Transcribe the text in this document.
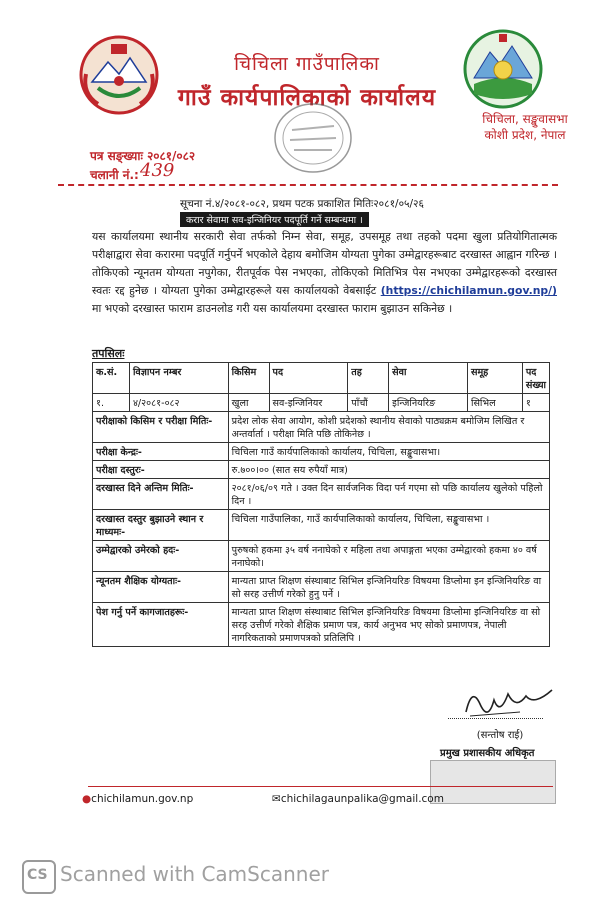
चिचिला गाउँपालिका
गाउँ कार्यपालिकाको कार्यालय
चिचिला, सङ्खुवासभा
कोशी प्रदेश, नेपाल
पत्र सङ्ख्याः २०८१/०८२
चलानी नं.: 439
सूचना नं.४/२०८१-०८२, प्रथम पटक प्रकाशित मितिः२०८१/०५/२६
करार सेवामा सव-इन्जिनियर पदपूर्ति गर्ने सम्बन्धमा ।
यस कार्यालयमा स्थानीय सरकारी सेवा तर्फको निम्न सेवा, समूह, उपसमूह तथा तहको पदमा खुला प्रतियोगितात्मक परीक्षाद्वारा सेवा करारमा पदपूर्ति गर्नुपर्ने भएकोले देहाय बमोजिम योग्यता पुगेका उम्मेद्वारहरूबाट दरखास्त आह्वान गरिन्छ । तोकिएको न्यूनतम योग्यता नपुगेका, रीतपूर्वक पेस नभएका, तोकिएको मितिभित्र पेस नभएका उम्मेद्वारहरूको दरखास्त स्वतः रद्द हुनेछ । योग्यता पुगेका उम्मेद्वारहरूले यस कार्यालयको वेबसाईट (https://chichilamun.gov.np/) मा भएको दरखास्त फाराम डाउनलोड गरी यस कार्यालयमा दरखास्त फाराम बुझाउन सकिनेछ ।
तपसिलः
क.सं.	विज्ञापन नम्बर	किसिम	पद	तह	सेवा	समूह	पद संख्या
१.	४/२०८१-०८२	खुला	सव-इन्जिनियर	पाँचौं	इन्जिनियरिङ	सिभिल	१
परीक्षाको किसिम र परीक्षा मितिः-		प्रदेश लोक सेवा आयोग, कोशी प्रदेशको स्थानीय सेवाको पाठ्यक्रम बमोजिम लिखित र अन्तर्वार्ता । परीक्षा मिति पछि तोकिनेछ ।					
परीक्षा केन्द्रः-		चिचिला गाउँ कार्यपालिकाको कार्यालय, चिचिला, सङ्खुवासभा।					
परीक्षा दस्तुरः-		रु.७००।०० (सात सय रुपैयाँ मात्र)					
दरखास्त दिने अन्तिम मितिः-		२०८१/०६/०९ गते । उक्त दिन सार्वजनिक विदा पर्न गएमा सो पछि कार्यालय खुलेको पहिलो दिन ।					
दरखास्त दस्तुर बुझाउने स्थान र माध्यमः-		चिचिला गाउँपालिका, गाउँ कार्यपालिकाको कार्यालय, चिचिला, सङ्खुवासभा ।					
उम्मेद्वारको उमेरको हदः-		पुरुषको हकमा ३५ वर्ष ननाघेको र महिला तथा अपाङ्गता भएका उम्मेद्वारको हकमा ४० वर्ष ननाघेको।					
न्यूनतम शैक्षिक योग्यताः-		मान्यता प्राप्त शिक्षण संस्थाबाट सिभिल इन्जिनियरिङ विषयमा डिप्लोमा इन इन्जिनियरिङ वा सो सरह उत्तीर्ण गरेको हुनु पर्ने ।					
पेश गर्नु पर्ने कागजातहरूः-		मान्यता प्राप्त शिक्षण संस्थाबाट सिभिल इन्जिनियरिङ विषयमा डिप्लोमा इन्जिनियरिङ वा सो सरह उत्तीर्ण गरेको शैक्षिक प्रमाण पत्र, कार्य अनुभव भए सोको प्रमाणपत्र, नेपाली नागरिकताको प्रमाणपत्रको प्रतिलिपि ।					
(सन्तोष राई)
प्रमुख प्रशासकीय अधिकृत
●chichilamun.gov.np	✉chichilagaunpalika@gmail.com
CS Scanned with CamScanner
